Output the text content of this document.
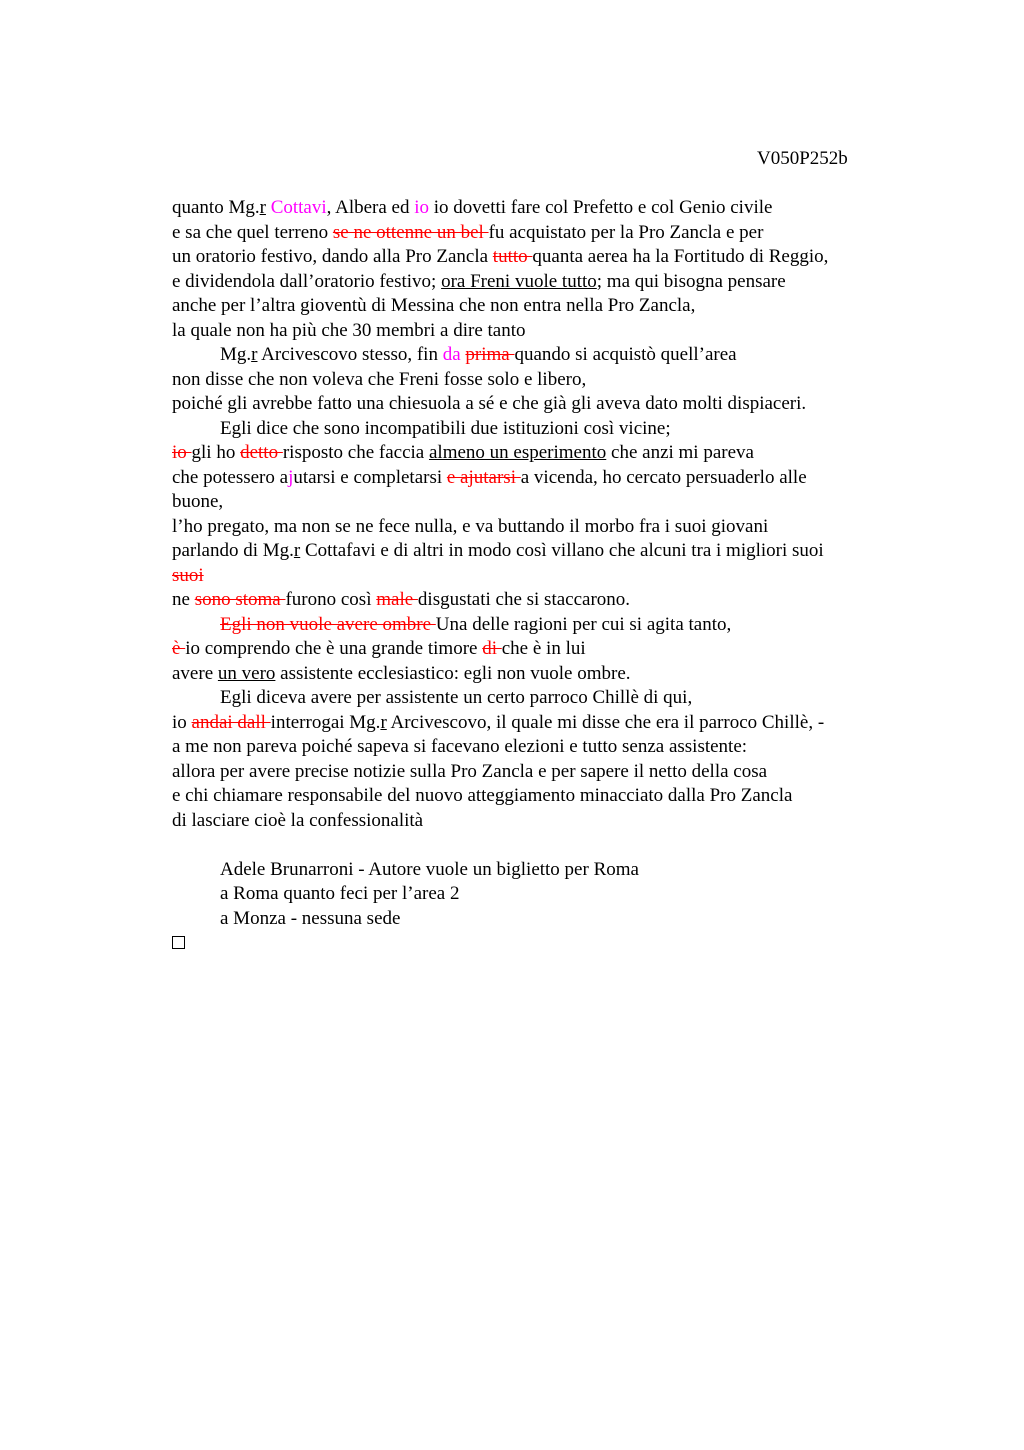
V050P252b
quanto Mg.r Cottavi, Albera ed io io dovetti fare col Prefetto e col Genio civile
e sa che quel terreno se ne ottenne un bel fu acquistato per la Pro Zancla e per
un oratorio festivo, dando alla Pro Zancla tutto quanta aerea ha la Fortitudo di Reggio,
e dividendola dall’oratorio festivo; ora Freni vuole tutto; ma qui bisogna pensare
anche per l’altra gioventù di Messina che non entra nella Pro Zancla,
la quale non ha più che 30 membri a dire tanto
Mg.r Arcivescovo stesso, fin da prima quando si acquistò quell’area
non disse che non voleva che Freni fosse solo e libero,
poiché gli avrebbe fatto una chiesuola a sé e che già gli aveva dato molti dispiaceri.
Egli dice che sono incompatibili due istituzioni così vicine;
io gli ho detto risposto che faccia almeno un esperimento che anzi mi pareva
che potessero ajutarsi e completarsi e ajutarsi a vicenda, ho cercato persuaderlo alle
buone,
l’ho pregato, ma non se ne fece nulla, e va buttando il morbo fra i suoi giovani
parlando di Mg.r Cottafavi e di altri in modo così villano che alcuni tra i migliori suoi
suoi
ne sono stoma furono così male disgustati che si staccarono.
Egli non vuole avere ombre Una delle ragioni per cui si agita tanto,
è io comprendo che è una grande timore di che è in lui
avere un vero assistente ecclesiastico: egli non vuole ombre.
Egli diceva avere per assistente un certo parroco Chillè di qui,
io andai dall interrogai Mg.r Arcivescovo, il quale mi disse che era il parroco Chillè, -
a me non pareva poiché sapeva si facevano elezioni e tutto senza assistente:
allora per avere precise notizie sulla Pro Zancla e per sapere il netto della cosa
e chi chiamare responsabile del nuovo atteggiamento minacciato dalla Pro Zancla
di lasciare cioè la confessionalità
Adele Brunarroni - Autore vuole un biglietto per Roma
a Roma quanto feci per l’area 2
a Monza - nessuna sede
